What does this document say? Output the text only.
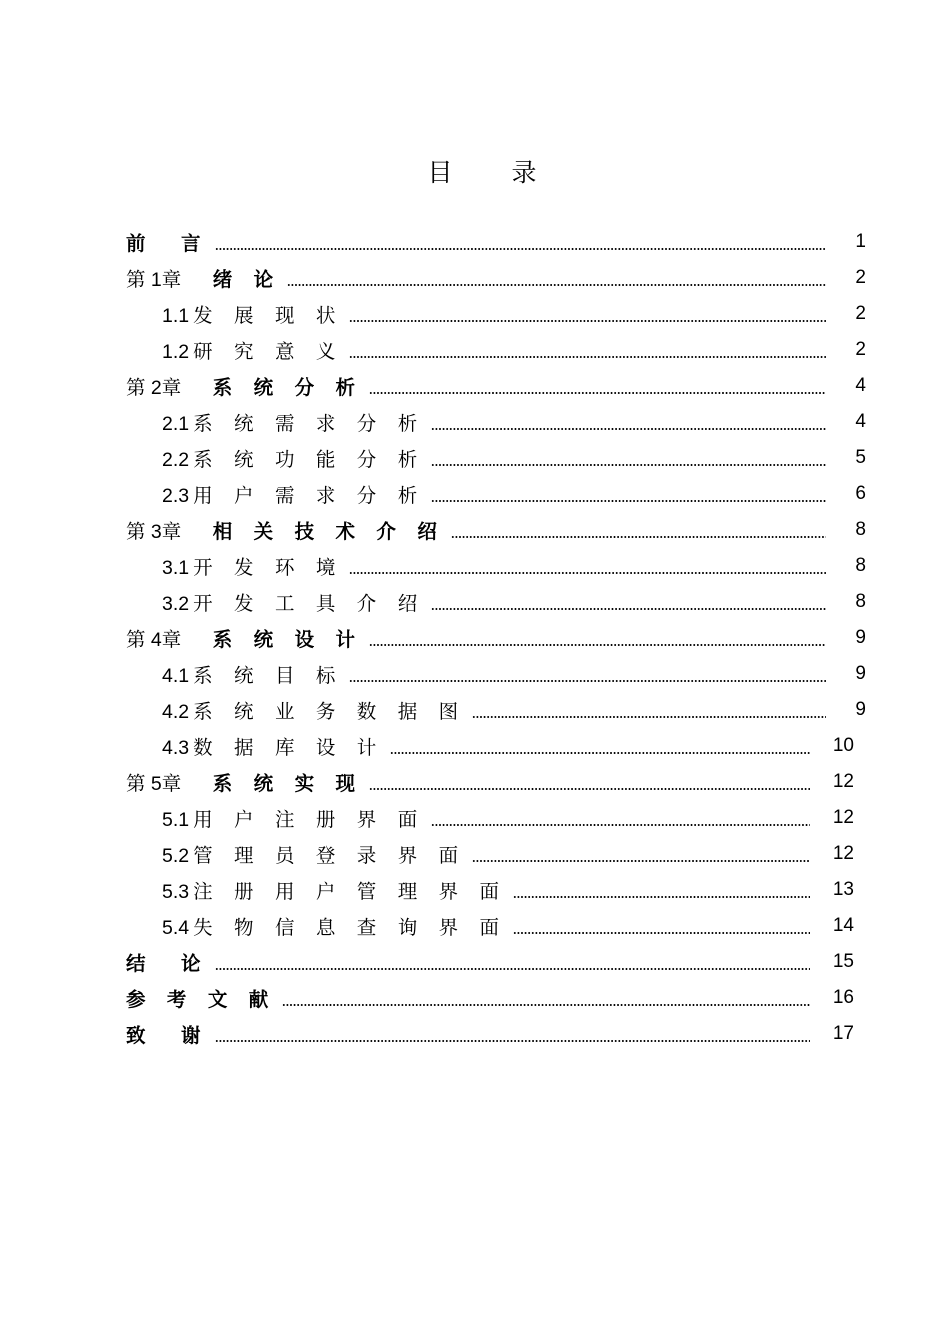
目 录
前　言	1
第 1章  绪 论	2
1.1 发 展 现 状	2
1.2 研 究 意 义	2
第 2章  系 统 分 析	4
2.1 系 统 需 求 分 析	4
2.2 系 统 功 能 分 析	5
2.3 用 户 需 求 分 析	6
第 3章  相 关 技 术 介 绍	8
3.1 开 发 环 境	8
3.2 开 发 工 具 介 绍	8
第 4章  系 统 设 计	9
4.1 系 统 目 标	9
4.2 系 统 业 务 数 据 图	9
4.3 数 据 库 设 计	10
第 5章  系 统 实 现	12
5.1 用 户 注 册 界 面	12
5.2 管 理 员 登 录 界 面	12
5.3 注 册 用 户 管 理 界 面	13
5.4 失 物 信 息 查 询 界 面	14
结　论	15
参 考 文 献	16
致　谢	17
